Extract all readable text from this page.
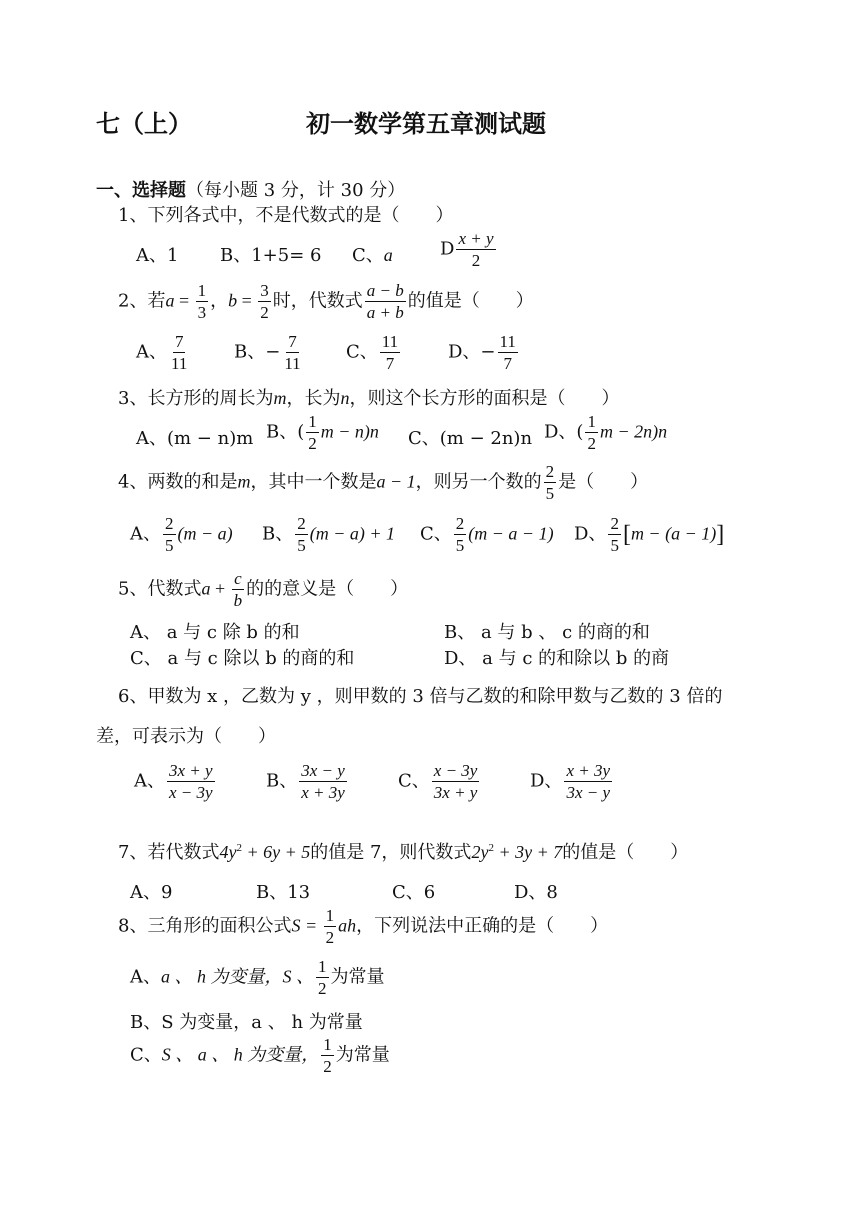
七（上）	初一数学第五章测试题
一、选择题（每小题 3 分，计 30 分）
1、下列各式中，不是代数式的是（　　）
A、1 B、1+5= 6 C、a	D $\frac{x + y}{2}$
2、若$a = \frac{1}{3}$ ，$b = \frac{3}{2}$ 时，代数式 $\frac{a - b}{a + b}$ 的值是（　　）
A、 $\frac{7}{11}$ B、− $\frac{7}{11}$ C、 $\frac{11}{7}$	D、− $\frac{11}{7}$
3、长方形的周长为m，长为n，则这个长方形的面积是（　　）
A、(m − n)m B、( $\frac{1}{2}$ m − n)n C、(m − 2n)n D、( $\frac{1}{2}$ m − 2n)n
4、两数的和是m，其中一个数是a − 1，则另一个数的 $\frac{2}{5}$ 是（　　）
A、 $\frac{2}{5} (m - a)$ B、 $\frac{2}{5} (m - a) + 1$ C、 $\frac{2}{5} (m - a - 1)$ D、 $\frac{2}{5} [m - (a - 1)]$
5、代数式$a + \frac{c}{b}$ 的的意义是（　　）
A、 a 与 c 除 b 的和	B、 a 与 b 、 c 的商的和
C、 a 与 c 除以 b 的商的和	D、 a 与 c 的和除以 b 的商
6、甲数为 x ，乙数为 y ，则甲数的 3 倍与乙数的和除甲数与乙数的 3 倍的
差，可表示为（　　）
A、 $\frac{3x + y}{x - 3y}$	B、 $\frac{3x - y}{x + 3y}$	C、 $\frac{x - 3y}{3x + y}$	D、 $\frac{x + 3y}{3x - y}$
7、若代数式$4y^2 + 6y + 5$的值是 7，则代数式$2y^2 + 3y + 7$的值是（　　）
A、9	B、13	C、6	D、8
8、三角形的面积公式$S = \frac{1}{2}$ ah，下列说法中正确的是（　　）
A、a 、 h 为变量，S 、 $\frac{1}{2}$ 为常量
B、S 为变量，a 、 h 为常量
C、S 、 a 、 h 为变量， $\frac{1}{2}$ 为常量
